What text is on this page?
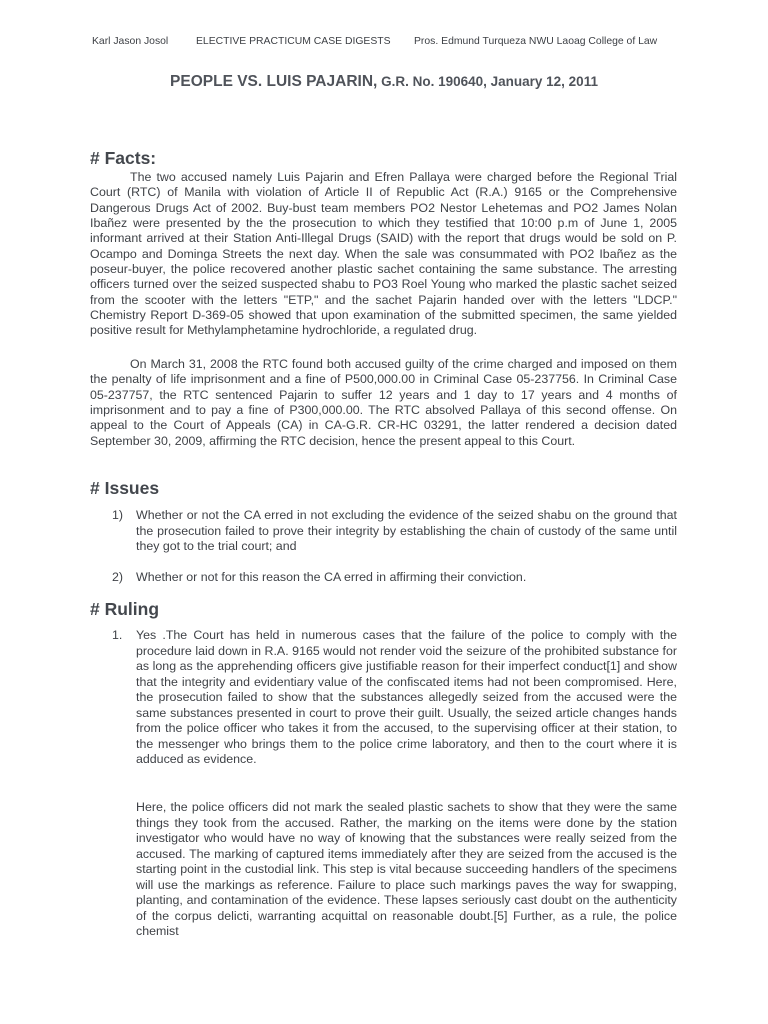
Karl Jason Josol	ELECTIVE PRACTICUM CASE DIGESTS Pros. Edmund Turqueza NWU Laoag College of Law
PEOPLE VS. LUIS PAJARIN, G.R. No. 190640, January 12, 2011
# Facts:

The two accused namely Luis Pajarin and Efren Pallaya were charged before the Regional Trial Court (RTC) of Manila with violation of Article II of Republic Act (R.A.) 9165 or the Comprehensive Dangerous Drugs Act of 2002. Buy-bust team members PO2 Nestor Lehetemas and PO2 James Nolan Ibañez were presented by the the prosecution to which they testified that 10:00 p.m of June 1, 2005 informant arrived at their Station Anti-Illegal Drugs (SAID) with the report that drugs would be sold on P. Ocampo and Dominga Streets the next day. When the sale was consummated with PO2 Ibañez as the poseur-buyer, the police recovered another plastic sachet containing the same substance. The arresting officers turned over the seized suspected shabu to PO3 Roel Young who marked the plastic sachet seized from the scooter with the letters "ETP," and the sachet Pajarin handed over with the letters "LDCP." Chemistry Report D-369-05 showed that upon examination of the submitted specimen, the same yielded positive result for Methylamphetamine hydrochloride, a regulated drug.

On March 31, 2008 the RTC found both accused guilty of the crime charged and imposed on them the penalty of life imprisonment and a fine of P500,000.00 in Criminal Case 05-237756. In Criminal Case 05-237757, the RTC sentenced Pajarin to suffer 12 years and 1 day to 17 years and 4 months of imprisonment and to pay a fine of P300,000.00. The RTC absolved Pallaya of this second offense. On appeal to the Court of Appeals (CA) in CA-G.R. CR-HC 03291, the latter rendered a decision dated September 30, 2009, affirming the RTC decision, hence the present appeal to this Court.

# Issues
1) Whether or not the CA erred in not excluding the evidence of the seized shabu on the ground that the prosecution failed to prove their integrity by establishing the chain of custody of the same until they got to the trial court; and
2) Whether or not for this reason the CA erred in affirming their conviction.
# Ruling
1. Yes .The Court has held in numerous cases that the failure of the police to comply with the procedure laid down in R.A. 9165 would not render void the seizure of the prohibited substance for as long as the apprehending officers give justifiable reason for their imperfect conduct[1] and show that the integrity and evidentiary value of the confiscated items had not been compromised. Here, the prosecution failed to show that the substances allegedly seized from the accused were the same substances presented in court to prove their guilt. Usually, the seized article changes hands from the police officer who takes it from the accused, to the supervising officer at their station, to the messenger who brings them to the police crime laboratory, and then to the court where it is adduced as evidence.
Here, the police officers did not mark the sealed plastic sachets to show that they were the same things they took from the accused. Rather, the marking on the items were done by the station investigator who would have no way of knowing that the substances were really seized from the accused. The marking of captured items immediately after they are seized from the accused is the starting point in the custodial link. This step is vital because succeeding handlers of the specimens will use the markings as reference. Failure to place such markings paves the way for swapping, planting, and contamination of the evidence. These lapses seriously cast doubt on the authenticity of the corpus delicti, warranting acquittal on reasonable doubt.[5] Further, as a rule, the police chemist
